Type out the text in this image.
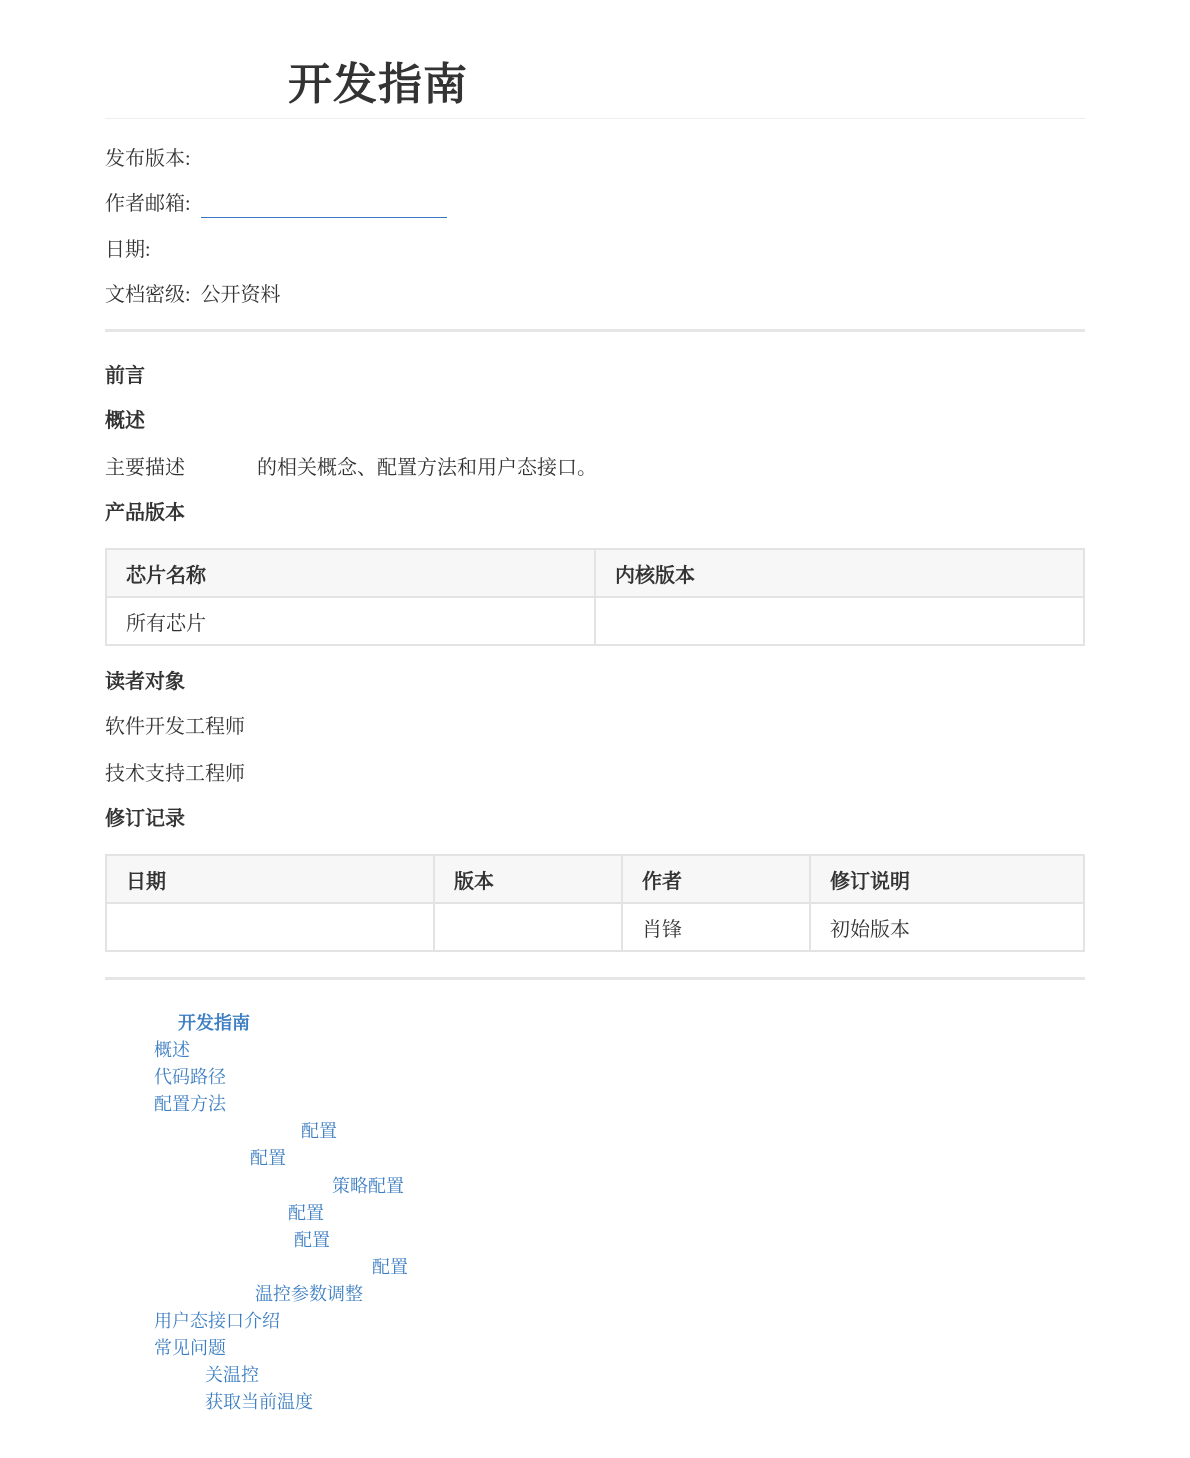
开发指南
发布版本:
作者邮箱:
日期:
文档密级: 公开资料
前言
概述

主要描述	的相关概念、配置方法和用户态接口。

产品版本
芯片名称	内核版本
所有芯片	
读者对象

软件开发工程师

技术支持工程师

修订记录
日期	版本	作者	修订说明
		肖锋	初始版本
开发指南
概述
代码路径
配置方法
配置
配置
策略配置
配置
配置
配置
温控参数调整
用户态接口介绍
常见问题
关温控
获取当前温度
